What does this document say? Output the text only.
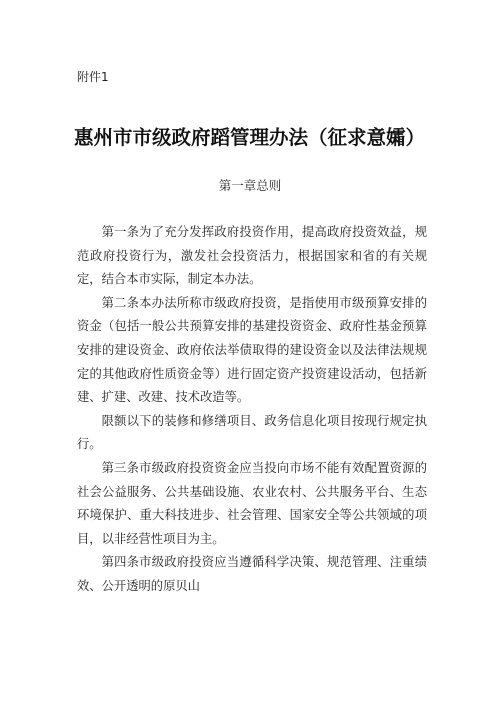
附件1
惠州市市级政府蹈管理办法（征求意孀）
第一章总则

第一条为了充分发挥政府投资作用，提高政府投资效益，规范政府投资行为，激发社会投资活力，根据国家和省的有关规定，结合本市实际，制定本办法。

第二条本办法所称市级政府投资，是指使用市级预算安排的资金（包括一般公共预算安排的基建投资资金、政府性基金预算安排的建设资金、政府依法举债取得的建设资金以及法律法规规定的其他政府性质资金等）进行固定资产投资建设活动，包括新建、扩建、改建、技术改造等。

限额以下的装修和修缮项目、政务信息化项目按现行规定执行。

第三条市级政府投资资金应当投向市场不能有效配置资源的社会公益服务、公共基础设施、农业农村、公共服务平台、生态环境保护、重大科技进步、社会管理、国家安全等公共领域的项目，以非经营性项目为主。

第四条市级政府投资应当遵循科学决策、规范管理、注重绩效、公开透明的原贝山
